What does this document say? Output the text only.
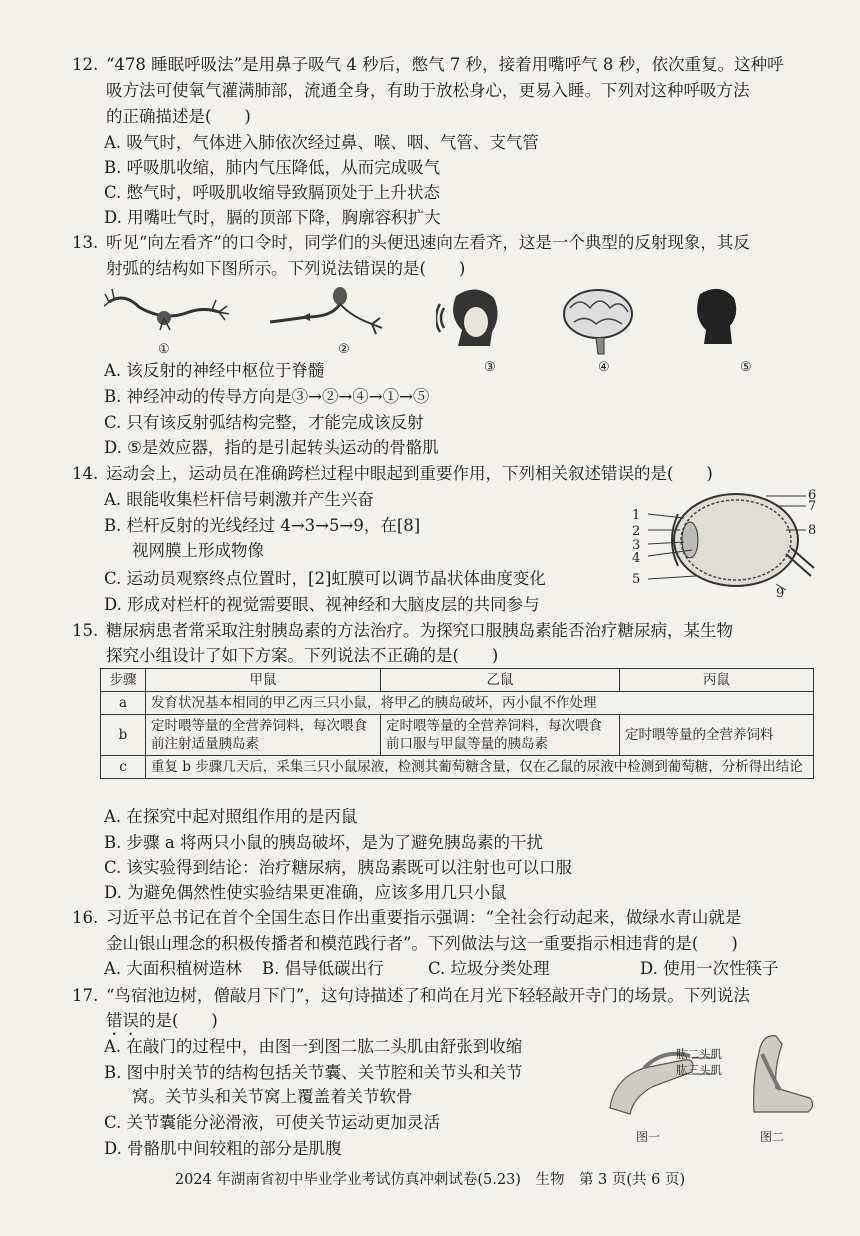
12. “478 睡眠呼吸法”是用鼻子吸气 4 秒后，憋气 7 秒，接着用嘴呼气 8 秒，依次重复。这种呼
吸方法可使氧气灌满肺部，流通全身，有助于放松身心，更易入睡。下列对这种呼吸方法
的正确描述是(　　)
A. 吸气时，气体进入肺依次经过鼻、喉、咽、气管、支气管
B. 呼吸肌收缩，肺内气压降低，从而完成吸气
C. 憋气时，呼吸肌收缩导致膈顶处于上升状态
D. 用嘴吐气时，膈的顶部下降，胸廓容积扩大
13. 听见“向左看齐”的口令时，同学们的头便迅速向左看齐，这是一个典型的反射现象，其反
射弧的结构如下图所示。下列说法错误的是(　　)
①	②
③	④	⑤
A. 该反射的神经中枢位于脊髓
B. 神经冲动的传导方向是③→②→④→①→⑤
C. 只有该反射弧结构完整，才能完成该反射
D. ⑤是效应器，指的是引起转头运动的骨骼肌
14. 运动会上，运动员在准确跨栏过程中眼起到重要作用，下列相关叙述错误的是(　　)
A. 眼能收集栏杆信号刺激并产生兴奋
B. 栏杆反射的光线经过 4→3→5→9，在[8]
视网膜上形成物像
C. 运动员观察终点位置时，[2]虹膜可以调节晶状体曲度变化
D. 形成对栏杆的视觉需要眼、视神经和大脑皮层的共同参与
1
2
3
4
5
6
7
8
9
15. 糖尿病患者常采取注射胰岛素的方法治疗。为探究口服胰岛素能否治疗糖尿病，某生物
探究小组设计了如下方案。下列说法不正确的是(　　)
步骤	甲鼠	乙鼠	丙鼠
a	发育状况基本相同的甲乙丙三只小鼠，将甲乙的胰岛破坏，丙小鼠不作处理		
b	定时喂等量的全营养饲料，每次喂食前注射适量胰岛素	定时喂等量的全营养饲料，每次喂食前口服与甲鼠等量的胰岛素	定时喂等量的全营养饲料
c	重复 b 步骤几天后，采集三只小鼠尿液，检测其葡萄糖含量，仅在乙鼠的尿液中检测到葡萄糖，分析得出结论		
A. 在探究中起对照组作用的是丙鼠
B. 步骤 a 将两只小鼠的胰岛破坏，是为了避免胰岛素的干扰
C. 该实验得到结论：治疗糖尿病，胰岛素既可以注射也可以口服
D. 为避免偶然性使实验结果更准确，应该多用几只小鼠
16. 习近平总书记在首个全国生态日作出重要指示强调：“全社会行动起来，做绿水青山就是
金山银山理念的积极传播者和模范践行者”。下列做法与这一重要指示相违背的是(　　)
A. 大面积植树造林 B. 倡导低碳出行	C. 垃圾分类处理	D. 使用一次性筷子
17. “鸟宿池边树，僧敲月下门”，这句诗描述了和尚在月光下轻轻敲开寺门的场景。下列说法
错误的是(　　)
A. 在敲门的过程中，由图一到图二肱二头肌由舒张到收缩
B. 图中肘关节的结构包括关节囊、关节腔和关节头和关节
窝。关节头和关节窝上覆盖着关节软骨
C. 关节囊能分泌滑液，可使关节运动更加灵活
D. 骨骼肌中间较粗的部分是肌腹
肱二头肌
肱三头肌
图一	图二
2024 年湖南省初中毕业学业考试仿真冲刺试卷(5.23)　生物　第 3 页(共 6 页)
